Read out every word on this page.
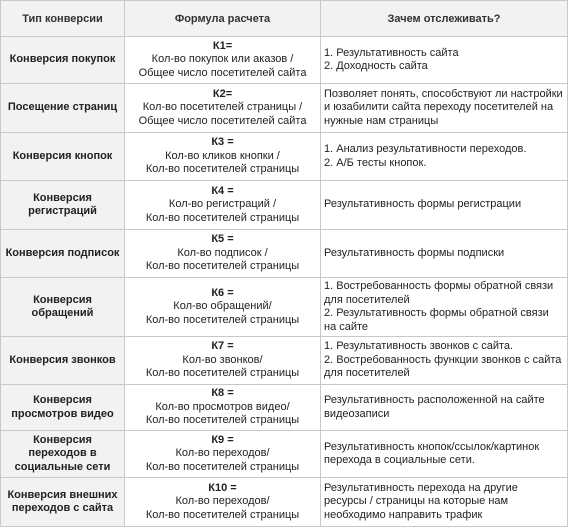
Тип конверсии	Формула расчета	Зачем отслеживать?
Конверсия покупок	К1=
Кол-во покупок или аказов /
Общее число посетителей сайта	1. Результативность сайта
2. Доходность сайта
Посещение страниц	К2=
Кол-во посетителей страницы /
Общее число посетителей сайта	Позволяет понять, способствуют ли настройки и юзабилити сайта переходу посетителей на нужные нам страницы
Конверсия кнопок	К3 =
Кол-во кликов кнопки /
Кол-во посетителей страницы	1. Анализ результативности переходов.
2. А/Б тесты кнопок.
Конверсия регистраций	К4 =
Кол-во регистраций /
Кол-во посетителей страницы	Результативность формы регистрации
Конверсия подписок	К5 =
Кол-во подписок /
Кол-во посетителей страницы	Результативность формы подписки
Конверсия обращений	К6 =
Кол-во обращений/
Кол-во посетителей страницы	1. Востребованность формы обратной связи для посетителей
2. Результативность формы обратной связи на сайте
Конверсия звонков	К7 =
Кол-во звонков/
Кол-во посетителей страницы	1. Результативность звонков с сайта.
2. Востребованность функции звонков с сайта для посетителей
Конверсия просмотров видео	К8 =
Кол-во просмотров видео/
Кол-во посетителей страницы	Результативность расположенной на сайте видеозаписи
Конверсия переходов в социальные сети	К9 =
Кол-во переходов/
Кол-во посетителей страницы	Результативность кнопок/ссылок/картинок перехода в социальные сети.
Конверсия внешних переходов с сайта	К10 =
Кол-во переходов/
Кол-во посетителей страницы	Результативность перехода на другие ресурсы / страницы на которые нам необходимо направить трафик
